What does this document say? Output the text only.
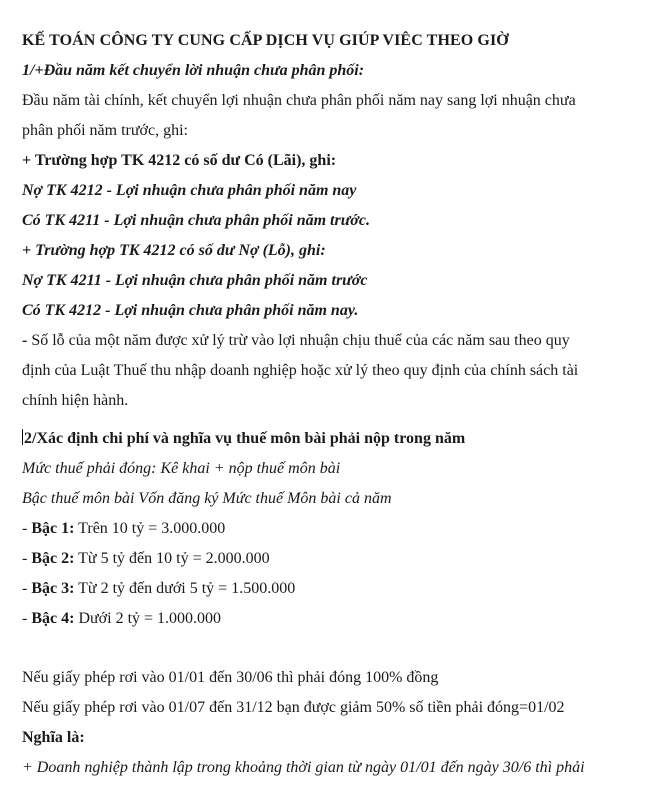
KẾ TOÁN CÔNG TY CUNG CẤP DỊCH VỤ GIÚP VIÊC THEO GIỜ
1/+Đầu năm kết chuyển lời nhuận chưa phân phối:
Đầu năm tài chính, kết chuyển lợi nhuận chưa phân phối năm nay sang lợi nhuận chưa
phân phối năm trước, ghi:
+ Trường hợp TK 4212 có số dư Có (Lãi), ghi:
Nợ TK 4212 - Lợi nhuận chưa phân phối năm nay
Có TK 4211 - Lợi nhuận chưa phân phối năm trước.
+ Trường hợp TK 4212 có số dư Nợ (Lỗ), ghi:
Nợ TK 4211 - Lợi nhuận chưa phân phối năm trước
Có TK 4212 - Lợi nhuận chưa phân phối năm nay.
- Số lỗ của một năm được xử lý trừ vào lợi nhuận chịu thuế của các năm sau theo quy
định của Luật Thuế thu nhập doanh nghiệp hoặc xử lý theo quy định của chính sách tài
chính hiện hành.
2/Xác định chi phí và nghĩa vụ thuế môn bài phải nộp trong năm
Mức thuế phải đóng: Kê khai + nộp thuế môn bài
Bậc thuế môn bài Vốn đăng ký Mức thuế Môn bài cả năm
- Bậc 1: Trên 10 tỷ = 3.000.000
- Bậc 2: Từ 5 tỷ đến 10 tỷ = 2.000.000
- Bậc 3: Từ 2 tỷ đến dưới 5 tỷ = 1.500.000
- Bậc 4: Dưới 2 tỷ = 1.000.000
Nếu giấy phép rơi vào 01/01 đến 30/06 thì phải đóng 100% đồng
Nếu giấy phép rơi vào 01/07 đến 31/12 bạn được giảm 50% số tiền phải đóng=01/02
Nghĩa là:
+ Doanh nghiệp thành lập trong khoảng thời gian từ ngày 01/01 đến ngày 30/6 thì phải
